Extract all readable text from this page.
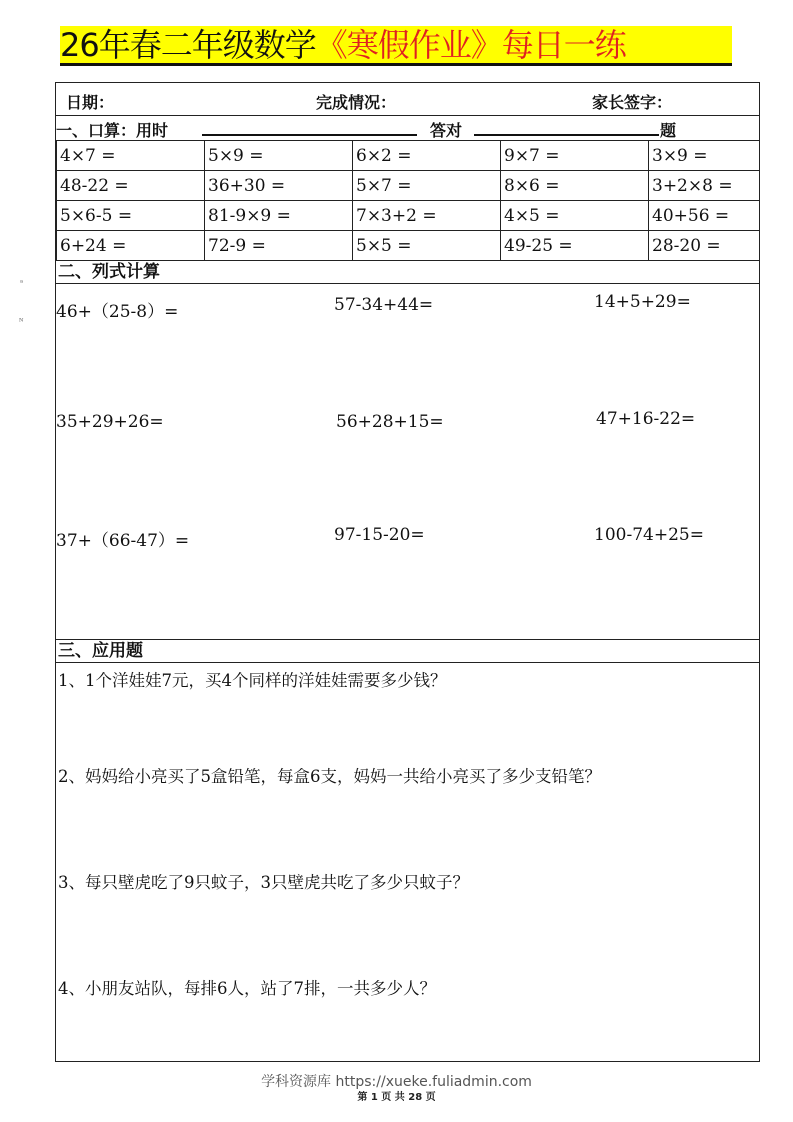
26年春二年级数学 《寒假作业》每日一练
ᵃ
ᴺ
日期：	完成情况：	家长签字：
一、口算：用时	答对	题
4×7 =	5×9 =	6×2 =	9×7 =	3×9 =
48-22 =	36+30 =	5×7 =	8×6 =	3+2×8 =
5×6-5 =	81-9×9 =	7×3+2 =	4×5 =	40+56 =
6+24 =	72-9 =	5×5 =	49-25 =	28-20 =
二、列式计算
46+（25-8）=	57-34+44=	14+5+29=
35+29+26=	56+28+15=	47+16-22=
37+（66-47）=	97-15-20=	100-74+25=
三、应用题
1、1个洋娃娃7元，买4个同样的洋娃娃需要多少钱？
2、妈妈给小亮买了5盒铅笔，每盒6支，妈妈一共给小亮买了多少支铅笔？
3、每只壁虎吃了9只蚊子，3只壁虎共吃了多少只蚊子？
4、小朋友站队，每排6人，站了7排，一共多少人？
学科资源库 https://xueke.fuliadmin.com
第 1 页 共 28 页
